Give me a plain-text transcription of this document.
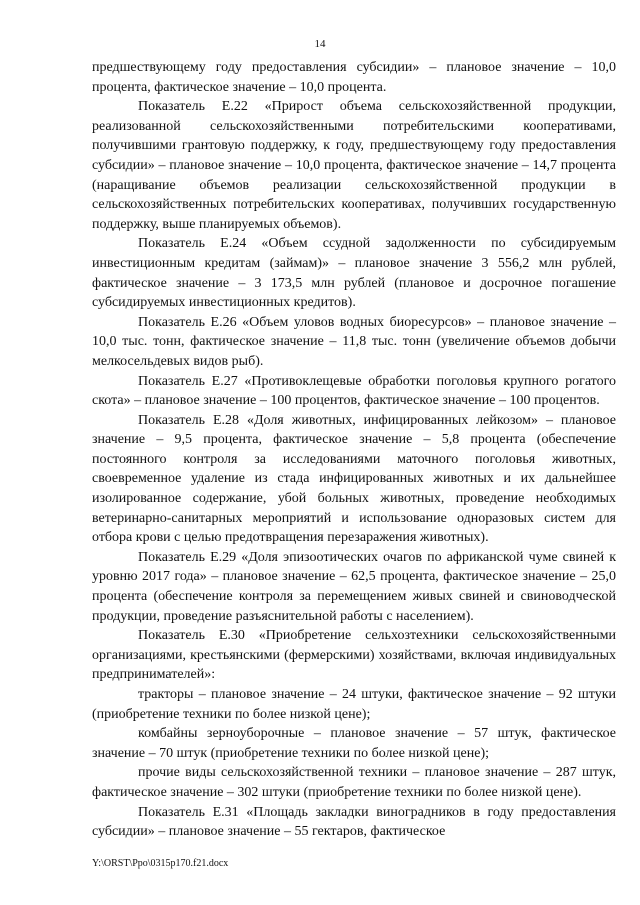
14

предшествующему году предоставления субсидии» – плановое значение – 10,0 процента, фактическое значение – 10,0 процента.

Показатель Е.22 «Прирост объема сельскохозяйственной продукции, реализованной сельскохозяйственными потребительскими кооперативами, получившими грантовую поддержку, к году, предшествующему году предоставления субсидии» – плановое значение – 10,0 процента, фактическое значение – 14,7 процента (наращивание объемов реализации сельскохозяйственной продукции в сельскохозяйственных потребительских кооперативах, получивших государственную поддержку, выше планируемых объемов).

Показатель Е.24 «Объем ссудной задолженности по субсидируемым инвестиционным кредитам (займам)» – плановое значение 3 556,2 млн рублей, фактическое значение – 3 173,5 млн рублей (плановое и досрочное погашение субсидируемых инвестиционных кредитов).

Показатель Е.26 «Объем уловов водных биоресурсов» – плановое значение – 10,0 тыс. тонн, фактическое значение – 11,8 тыс. тонн (увеличение объемов добычи мелкосельдевых видов рыб).

Показатель Е.27 «Противоклещевые обработки поголовья крупного рогатого скота» – плановое значение – 100 процентов, фактическое значение – 100 процентов.

Показатель Е.28 «Доля животных, инфицированных лейкозом» – плановое значение – 9,5 процента, фактическое значение – 5,8 процента (обеспечение постоянного контроля за исследованиями маточного поголовья животных, своевременное удаление из стада инфицированных животных и их дальнейшее изолированное содержание, убой больных животных, проведение необходимых ветеринарно-санитарных мероприятий и использование одноразовых систем для отбора крови с целью предотвращения перезаражения животных).

Показатель Е.29 «Доля эпизоотических очагов по африканской чуме свиней к уровню 2017 года» – плановое значение – 62,5 процента, фактическое значение – 25,0 процента (обеспечение контроля за перемещением живых свиней и свиноводческой продукции, проведение разъяснительной работы с населением).

Показатель Е.30 «Приобретение сельхозтехники сельскохозяйственными организациями, крестьянскими (фермерскими) хозяйствами, включая индивидуальных предпринимателей»:

тракторы – плановое значение – 24 штуки, фактическое значение – 92 штуки (приобретение техники по более низкой цене);

комбайны зерноуборочные – плановое значение – 57 штук, фактическое значение – 70 штук (приобретение техники по более низкой цене);

прочие виды сельскохозяйственной техники – плановое значение – 287 штук, фактическое значение – 302 штуки (приобретение техники по более низкой цене).

Показатель Е.31 «Площадь закладки виноградников в году предоставления субсидии» – плановое значение – 55 гектаров, фактическое

Y:\ORST\Ppo\0315p170.f21.docx
